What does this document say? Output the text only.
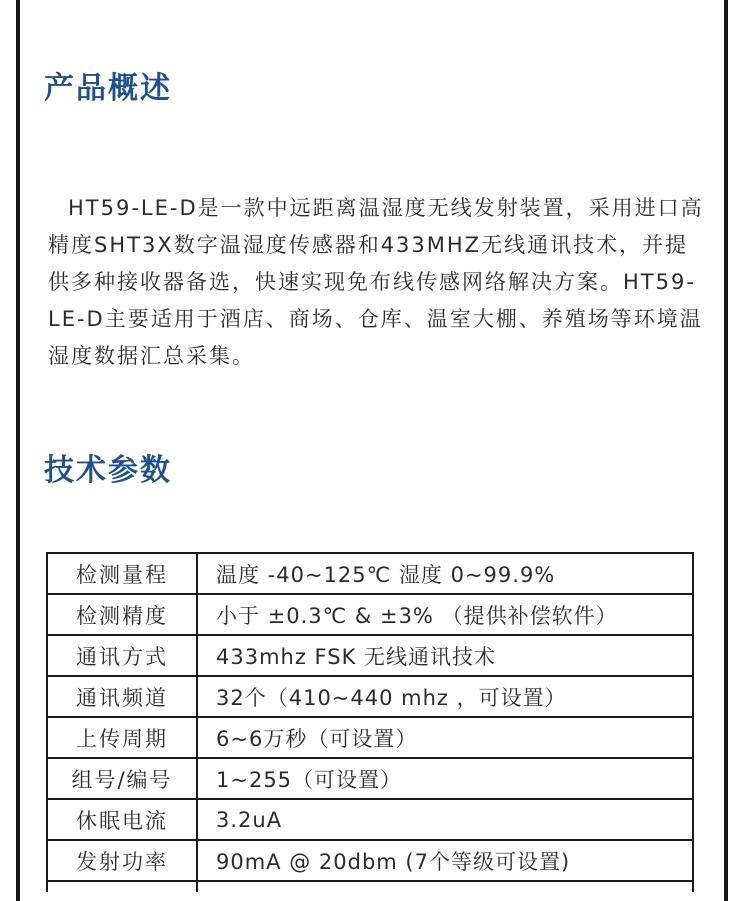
产品概述

HT59-LE-D是一款中远距离温湿度无线发射装置，采用进口高精度SHT3X数字温湿度传感器和433MHZ无线通讯技术，并提供多种接收器备选，快速实现免布线传感网络解决方案。HT59-LE-D主要适用于酒店、商场、仓库、温室大棚、养殖场等环境温湿度数据汇总采集。

技术参数
检测量程	温度 -40~125℃ 湿度 0~99.9%
检测精度	小于 ±0.3℃ & ±3% （提供补偿软件）
通讯方式	433mhz FSK 无线通讯技术
通讯频道	32个（410~440 mhz ，可设置）
上传周期	6~6万秒（可设置）
组号/编号	1~255（可设置）
休眠电流	3.2uA
发射功率	90mA @ 20dbm (7个等级可设置)
